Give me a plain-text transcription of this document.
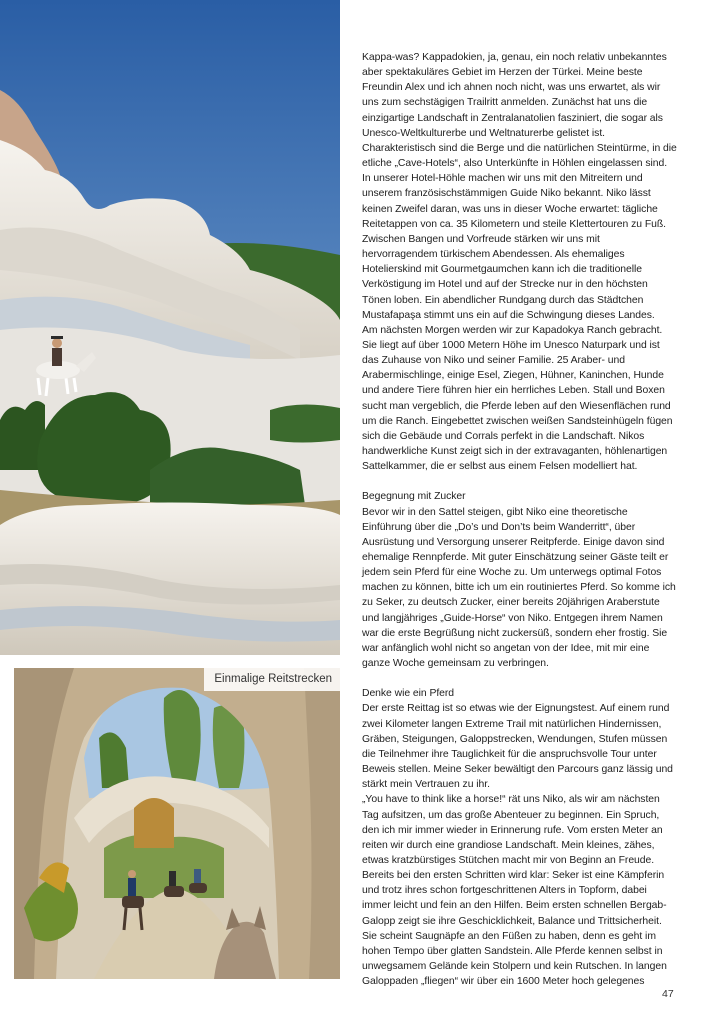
Einmalige Reitstrecken

Kappa-was? Kappadokien, ja, genau, ein noch relativ unbekanntes aber spektakuläres Gebiet im Herzen der Türkei. Meine beste Freundin Alex und ich ahnen noch nicht, was uns erwartet, als wir uns zum sechstägigen Trailritt anmelden. Zunächst hat uns die einzigartige Landschaft in Zentralanatolien fasziniert, die sogar als Unesco-Weltkulturerbe und Weltnaturerbe gelistet ist. Charakteristisch sind die Berge und die natürlichen Steintürme, in die etliche „Cave-Hotels“, also Unterkünfte in Höhlen eingelassen sind. In unserer Hotel-Höhle machen wir uns mit den Mitreitern und unserem französischstämmigen Guide Niko bekannt. Niko lässt keinen Zweifel daran, was uns in dieser Woche erwartet: tägliche Reitetappen von ca. 35 Kilometern und steile Klettertouren zu Fuß.

Zwischen Bangen und Vorfreude stärken wir uns mit hervorragendem türkischem Abendessen. Als ehemaliges Hotelierskind mit Gourmetgaumchen kann ich die traditionelle Verköstigung im Hotel und auf der Strecke nur in den höchsten Tönen loben. Ein abendlicher Rundgang durch das Städtchen Mustafapaşa stimmt uns ein auf die Schwingung dieses Landes.

Am nächsten Morgen werden wir zur Kapadokya Ranch gebracht. Sie liegt auf über 1000 Metern Höhe im Unesco Naturpark und ist das Zuhause von Niko und seiner Familie. 25 Araber- und Arabermischlinge, einige Esel, Ziegen, Hühner, Kaninchen, Hunde und andere Tiere führen hier ein herrliches Leben. Stall und Boxen sucht man vergeblich, die Pferde leben auf den Wiesenflächen rund um die Ranch. Eingebettet zwischen weißen Sandsteinhügeln fügen sich die Gebäude und Corrals perfekt in die Landschaft. Nikos handwerkliche Kunst zeigt sich in der extravaganten, höhlenartigen Sattelkammer, die er selbst aus einem Felsen modelliert hat.

Begegnung mit Zucker

Bevor wir in den Sattel steigen, gibt Niko eine theoretische Einführung über die „Do’s und Don’ts beim Wanderritt“, über Ausrüstung und Versorgung unserer Reitpferde. Einige davon sind ehemalige Rennpferde. Mit guter Einschätzung seiner Gäste teilt er jedem sein Pferd für eine Woche zu. Um unterwegs optimal Fotos machen zu können, bitte ich um ein routiniertes Pferd. So komme ich zu Seker, zu deutsch Zucker, einer bereits 20jährigen Araberstute und langjähriges „Guide-Horse“ von Niko. Entgegen ihrem Namen war die erste Begrüßung nicht zuckersüß, sondern eher frostig. Sie war anfänglich wohl nicht so angetan von der Idee, mit mir eine ganze Woche gemeinsam zu verbringen.

Denke wie ein Pferd

Der erste Reittag ist so etwas wie der Eignungstest. Auf einem rund zwei Kilometer langen Extreme Trail mit natürlichen Hindernissen, Gräben, Steigungen, Galoppstrecken, Wendungen, Stufen müssen die Teilnehmer ihre Tauglichkeit für die anspruchsvolle Tour unter Beweis stellen. Meine Seker bewältigt den Parcours ganz lässig und stärkt mein Vertrauen zu ihr.

„You have to think like a horse!“ rät uns Niko, als wir am nächsten Tag aufsitzen, um das große Abenteuer zu beginnen. Ein Spruch, den ich mir immer wieder in Erinnerung rufe. Vom ersten Meter an reiten wir durch eine grandiose Landschaft. Mein kleines, zähes, etwas kratzbürstiges Stütchen macht mir von Beginn an Freude. Bereits bei den ersten Schritten wird klar: Seker ist eine Kämpferin und trotz ihres schon fortgeschrittenen Alters in Topform, dabei immer leicht und fein an den Hilfen. Beim ersten schnellen Bergab-Galopp zeigt sie ihre Geschicklichkeit, Balance und Trittsicherheit. Sie scheint Saugnäpfe an den Füßen zu haben, denn es geht im hohen Tempo über glatten Sandstein. Alle Pferde kennen selbst in unwegsamem Gelände kein Stolpern und kein Rutschen. In langen Galoppaden „fliegen“ wir über ein 1600 Meter hoch gelegenes

47
